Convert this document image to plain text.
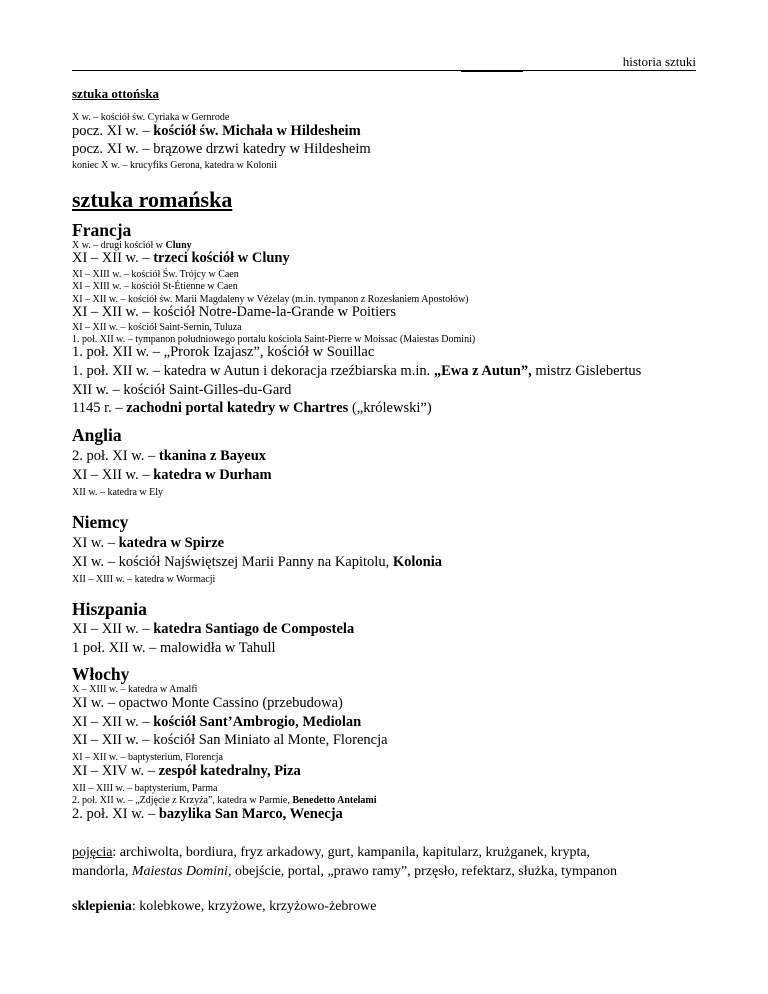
historia sztuki
sztuka ottońska
X w. – kościół św. Cyriaka w Gernrode
pocz. XI w. – kościół św. Michała w Hildesheim
pocz. XI w. – brązowe drzwi katedry w Hildesheim
koniec X w. – krucyfiks Gerona, katedra w Kolonii
sztuka romańska
Francja
X w. – drugi kościół w Cluny
XI – XII w. – trzeci kościół w Cluny
XI – XIII w. – kościół Św. Trójcy w Caen
XI – XIII w. – kościół St-Étienne w Caen
XI – XII w. – kościół św. Marii Magdaleny w Vézelay (m.in. tympanon z Rozesłaniem Apostołów)
XI – XII w. – kościół Notre-Dame-la-Grande w Poitiers
XI – XII w. – kościół Saint-Sernin, Tuluza
1. poł. XII w. – tympanon południowego portalu kościoła Saint-Pierre w Moissac (Maiestas Domini)
1. poł. XII w. – „Prorok Izajasz”, kościół w Souillac
1. poł. XII w. – katedra w Autun i dekoracja rzeźbiarska m.in. „Ewa z Autun”, mistrz Gislebertus
XII w. – kościół Saint-Gilles-du-Gard
1145 r. – zachodni portal katedry w Chartres („królewski”)
Anglia
2. poł. XI w. – tkanina z Bayeux
XI – XII w. – katedra w Durham
XII w. – katedra w Ely
Niemcy
XI w. – katedra w Spirze
XI w. – kościół Najświętszej Marii Panny na Kapitolu, Kolonia
XII – XIII w. – katedra w Wormacji
Hiszpania
XI – XII w. – katedra Santiago de Compostela
1 poł. XII w. – malowidła w Tahull
Włochy
X – XIII w. – katedra w Amalfi
XI w. – opactwo Monte Cassino (przebudowa)
XI – XII w. – kościół Sant’Ambrogio, Mediolan
XI – XII w. – kościół San Miniato al Monte, Florencja
XI – XII w. – baptysterium, Florencja
XI – XIV w. – zespół katedralny, Piza
XII – XIII w. – baptysterium, Parma
2. poł. XII w. – „Zdjęcie z Krzyża”, katedra w Parmie, Benedetto Antelami
2. poł. XI w. – bazylika San Marco, Wenecja
pojęcia: archiwolta, bordiura, fryz arkadowy, gurt, kampanila, kapitularz, krużganek, krypta,
mandorla, Maiestas Domini, obejście, portal, „prawo ramy”, przęsło, refektarz, służka, tympanon
sklepienia: kolebkowe, krzyżowe, krzyżowo-żebrowe
